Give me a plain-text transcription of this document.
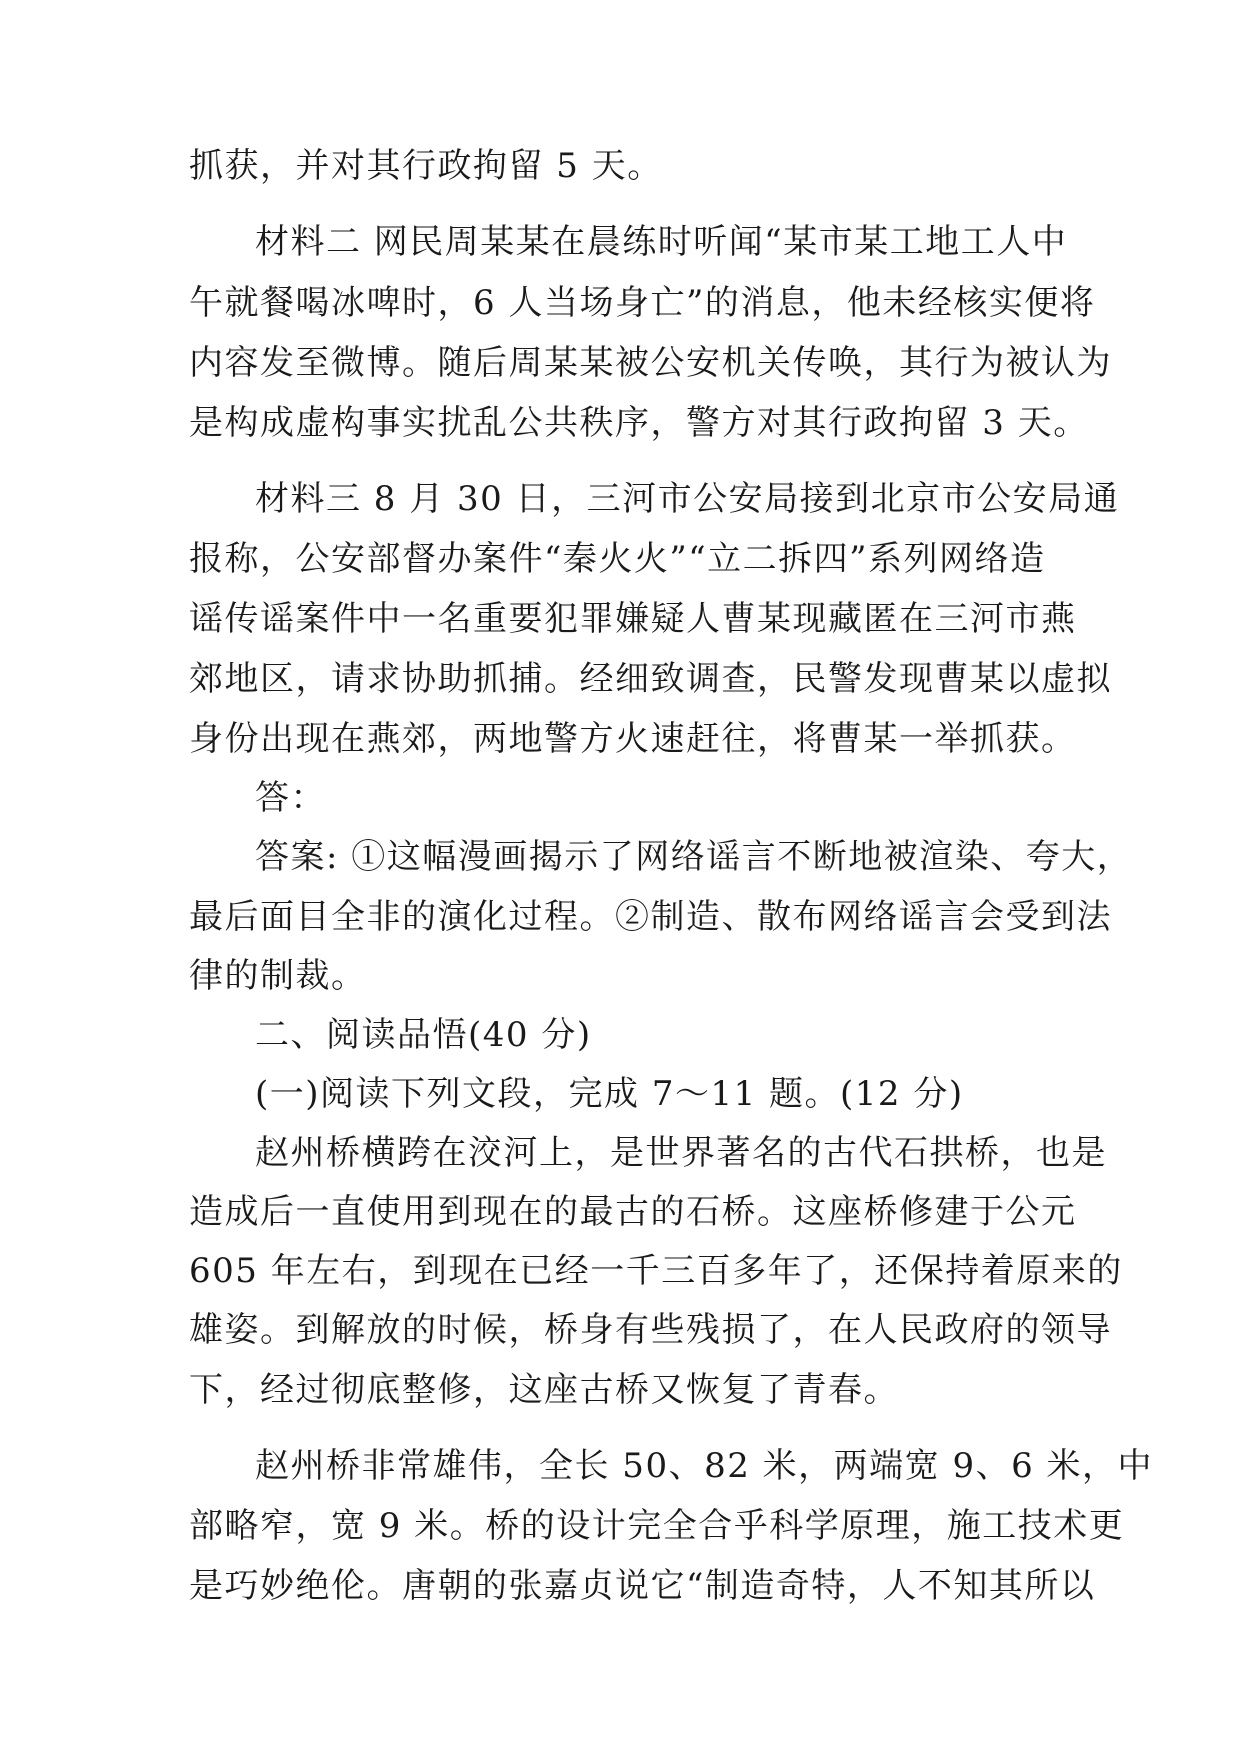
抓获，并对其行政拘留 5 天。
材料二 网民周某某在晨练时听闻“某市某工地工人中
午就餐喝冰啤时，6 人当场身亡”的消息，他未经核实便将
内容发至微博。随后周某某被公安机关传唤，其行为被认为
是构成虚构事实扰乱公共秩序，警方对其行政拘留 3 天。
材料三 8 月 30 日，三河市公安局接到北京市公安局通
报称，公安部督办案件“秦火火”“立二拆四”系列网络造
谣传谣案件中一名重要犯罪嫌疑人曹某现藏匿在三河市燕
郊地区，请求协助抓捕。经细致调查，民警发现曹某以虚拟
身份出现在燕郊，两地警方火速赶往，将曹某一举抓获。
答：
答案: ①这幅漫画揭示了网络谣言不断地被渲染、夸大，
最后面目全非的演化过程。②制造、散布网络谣言会受到法
律的制裁。
二、阅读品悟(40 分)
(一)阅读下列文段，完成 7～11 题。(12 分)
赵州桥横跨在洨河上，是世界著名的古代石拱桥，也是
造成后一直使用到现在的最古的石桥。这座桥修建于公元
605 年左右，到现在已经一千三百多年了，还保持着原来的
雄姿。到解放的时候，桥身有些残损了，在人民政府的领导
下，经过彻底整修，这座古桥又恢复了青春。
赵州桥非常雄伟，全长 50、82 米，两端宽 9、6 米，中
部略窄，宽 9 米。桥的设计完全合乎科学原理，施工技术更
是巧妙绝伦。唐朝的张嘉贞说它“制造奇特，人不知其所以
